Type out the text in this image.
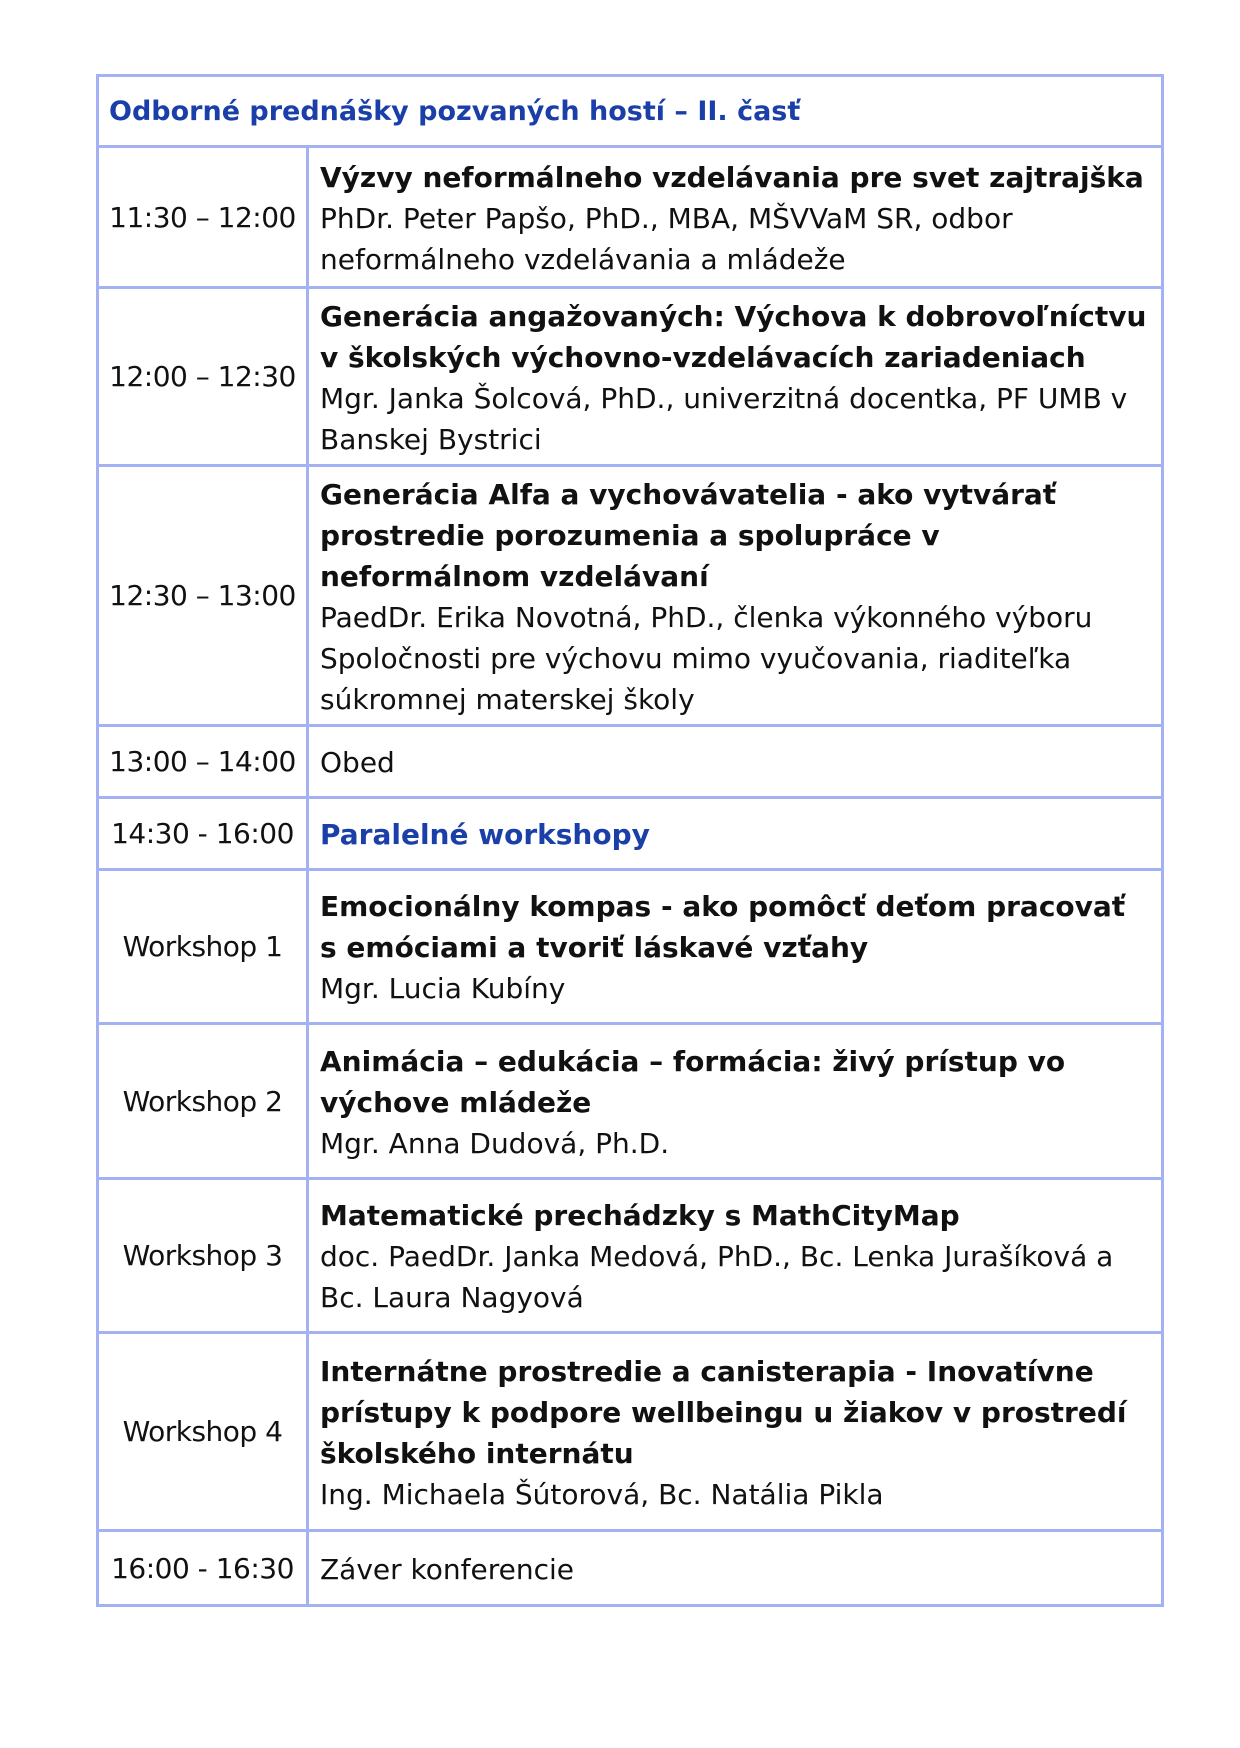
Odborné prednášky pozvaných hostí – II. časť
11:30 – 12:00
Výzvy neformálneho vzdelávania pre svet zajtrajška
PhDr. Peter Papšo, PhD., MBA, MŠVVaM SR, odbor neformálneho vzdelávania a mládeže
12:00 – 12:30
Generácia angažovaných: Výchova k dobrovoľníctvu v školských výchovno-vzdelávacích zariadeniach
Mgr. Janka Šolcová, PhD., univerzitná docentka, PF UMB v Banskej Bystrici
12:30 – 13:00
Generácia Alfa a vychovávatelia - ako vytvárať prostredie porozumenia a spolupráce v neformálnom vzdelávaní
PaedDr. Erika Novotná, PhD., členka výkonného výboru Spoločnosti pre výchovu mimo vyučovania, riaditeľka súkromnej materskej školy
13:00 – 14:00 Obed
14:30 - 16:00 Paralelné workshopy
Workshop 1
Emocionálny kompas - ako pomôcť deťom pracovať s emóciami a tvoriť láskavé vzťahy
Mgr. Lucia Kubíny
Workshop 2
Animácia – edukácia – formácia: živý prístup vo výchove mládeže
Mgr. Anna Dudová, Ph.D.
Workshop 3
Matematické prechádzky s MathCityMap
doc. PaedDr. Janka Medová, PhD., Bc. Lenka Jurašíková a Bc. Laura Nagyová
Workshop 4
Internátne prostredie a canisterapia - Inovatívne prístupy k podpore wellbeingu u žiakov v prostredí školského internátu
Ing. Michaela Šútorová, Bc. Natália Pikla
16:00 - 16:30 Záver konferencie
